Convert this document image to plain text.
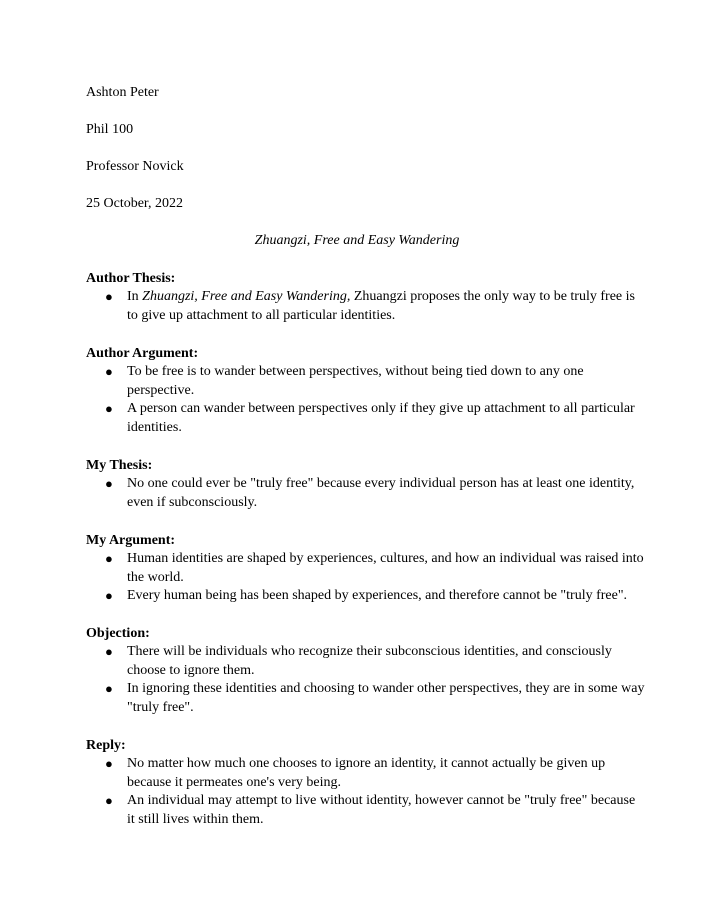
Ashton Peter
Phil 100
Professor Novick
25 October, 2022
Zhuangzi, Free and Easy Wandering
Author Thesis:
● In Zhuangzi, Free and Easy Wandering, Zhuangzi proposes the only way to be truly free is to give up attachment to all particular identities.
Author Argument:
● To be free is to wander between perspectives, without being tied down to any one perspective.
● A person can wander between perspectives only if they give up attachment to all particular identities.
My Thesis:
● No one could ever be "truly free" because every individual person has at least one identity, even if subconsciously.
My Argument:
● Human identities are shaped by experiences, cultures, and how an individual was raised into the world.
● Every human being has been shaped by experiences, and therefore cannot be "truly free".
Objection:
● There will be individuals who recognize their subconscious identities, and consciously choose to ignore them.
● In ignoring these identities and choosing to wander other perspectives, they are in some way "truly free".
Reply:
● No matter how much one chooses to ignore an identity, it cannot actually be given up because it permeates one's very being.
● An individual may attempt to live without identity, however cannot be "truly free" because it still lives within them.
